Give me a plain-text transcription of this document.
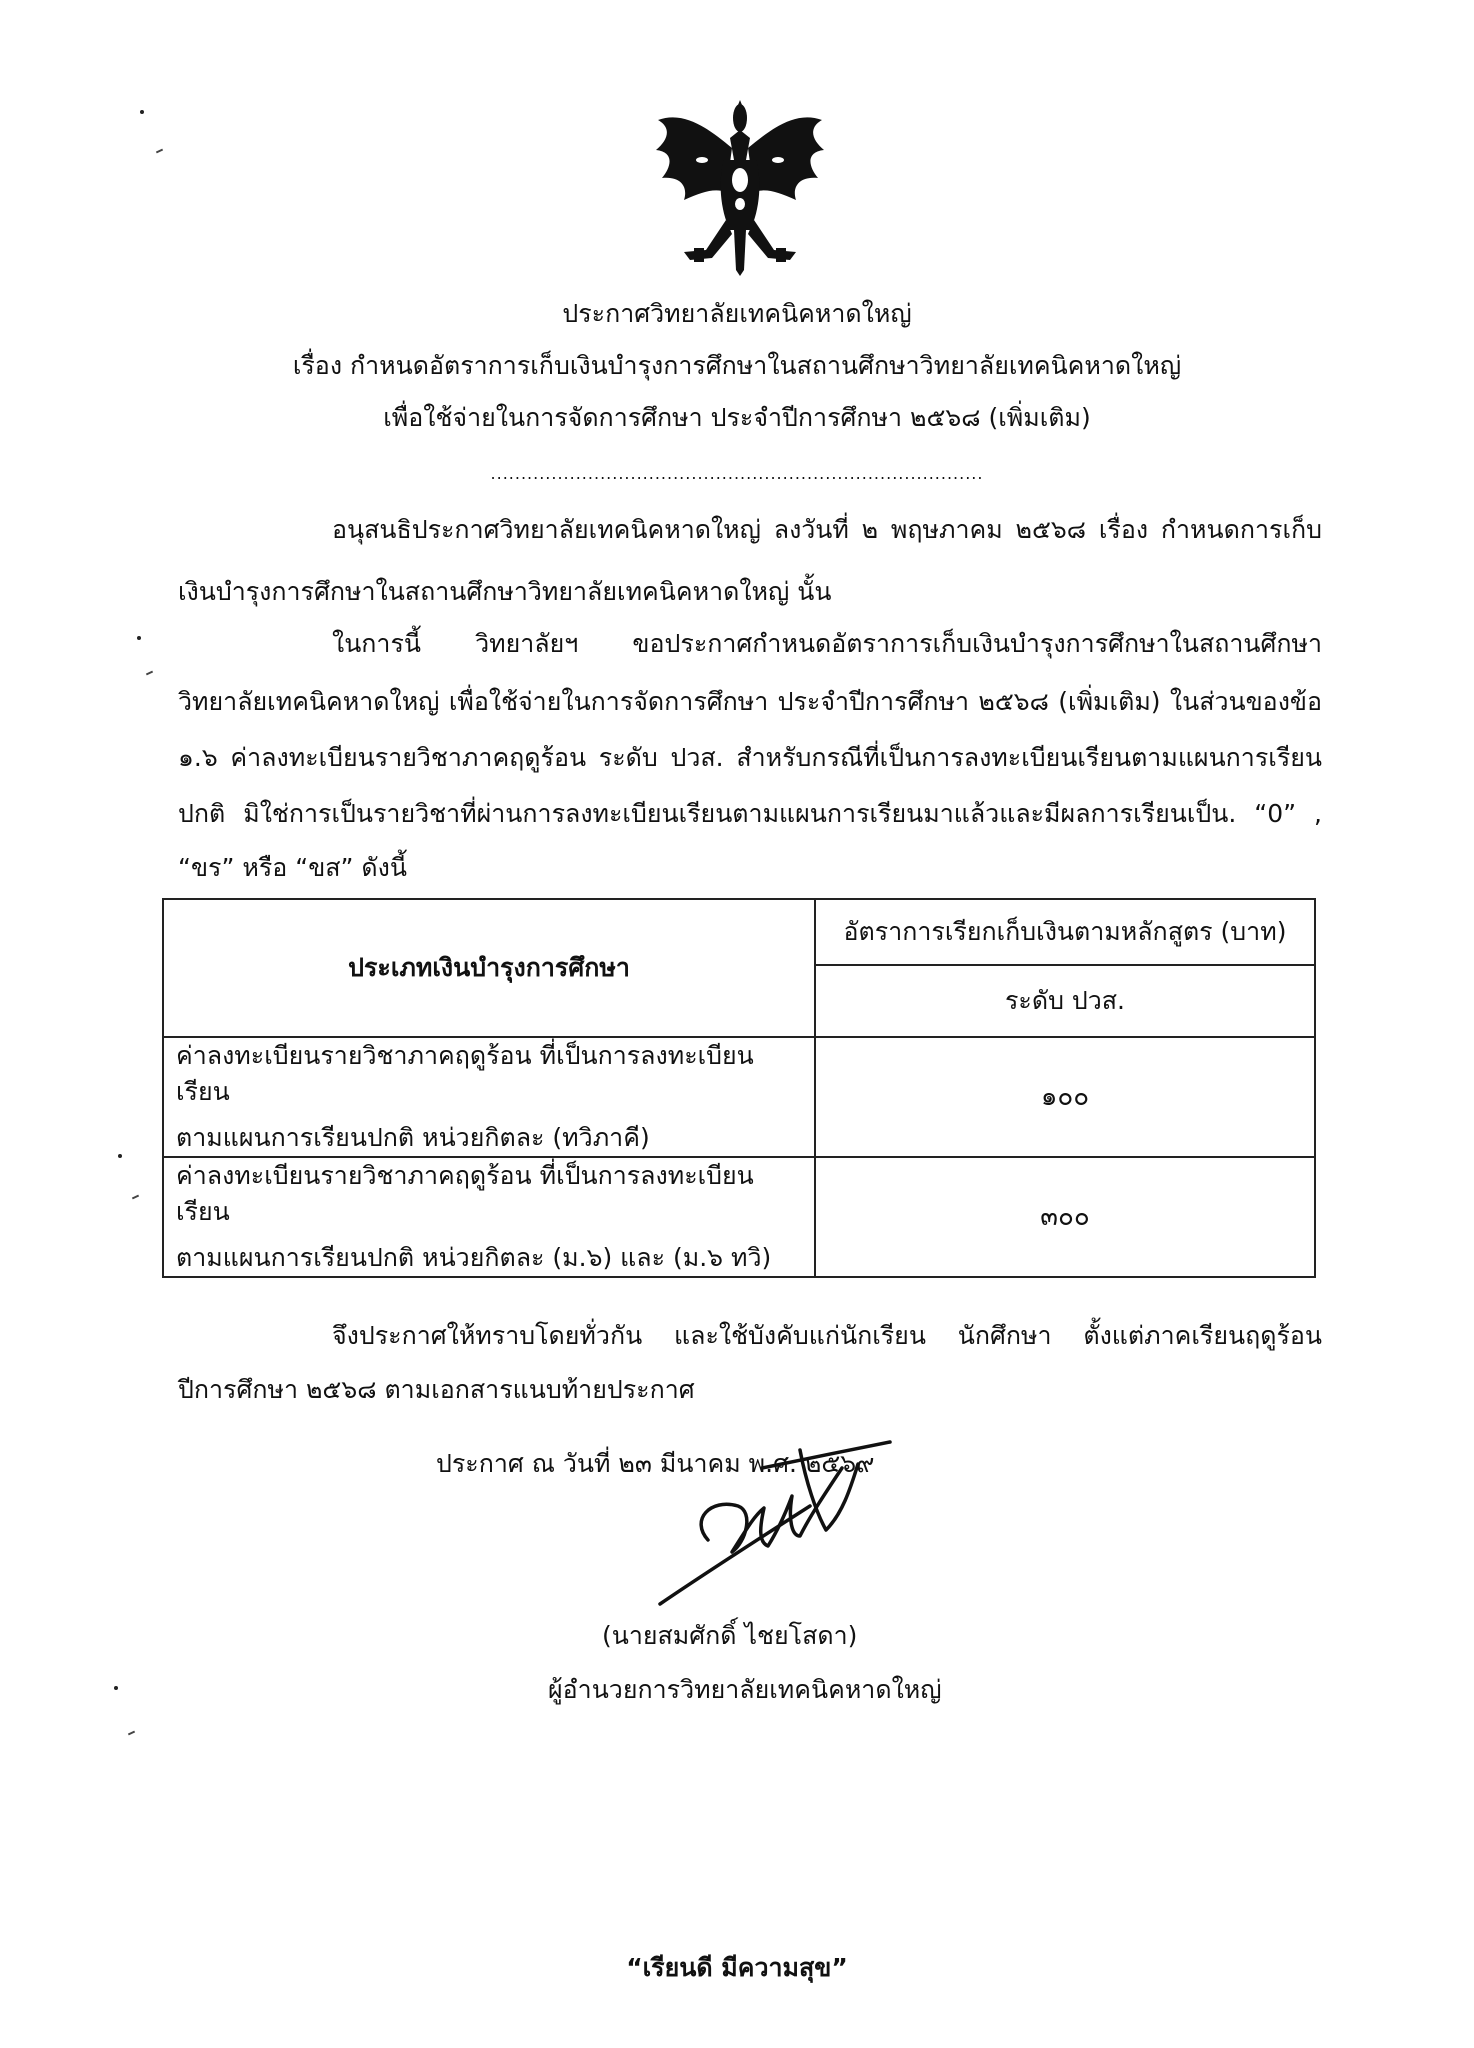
ประกาศวิทยาลัยเทคนิคหาดใหญ่
เรื่อง กำหนดอัตราการเก็บเงินบำรุงการศึกษาในสถานศึกษาวิทยาลัยเทคนิคหาดใหญ่
เพื่อใช้จ่ายในการจัดการศึกษา ประจำปีการศึกษา ๒๕๖๘ (เพิ่มเติม)
.................................................................................
อนุสนธิประกาศวิทยาลัยเทคนิคหาดใหญ่ ลงวันที่ ๒ พฤษภาคม ๒๕๖๘ เรื่อง กำหนดการเก็บ
เงินบำรุงการศึกษาในสถานศึกษาวิทยาลัยเทคนิคหาดใหญ่ นั้น
ในการนี้ วิทยาลัยฯ ขอประกาศกำหนดอัตราการเก็บเงินบำรุงการศึกษาในสถานศึกษา
วิทยาลัยเทคนิคหาดใหญ่ เพื่อใช้จ่ายในการจัดการศึกษา ประจำปีการศึกษา ๒๕๖๘ (เพิ่มเติม) ในส่วนของข้อ
๑.๖ ค่าลงทะเบียนรายวิชาภาคฤดูร้อน ระดับ ปวส. สำหรับกรณีที่เป็นการลงทะเบียนเรียนตามแผนการเรียน
ปกติ มิใช่การเป็นรายวิชาที่ผ่านการลงทะเบียนเรียนตามแผนการเรียนมาแล้วและมีผลการเรียนเป็น. “0” ,
“ขร” หรือ “ขส” ดังนี้
ประเภทเงินบำรุงการศึกษา	อัตราการเรียกเก็บเงินตามหลักสูตร (บาท)
	ระดับ ปวส.

ค่าลงทะเบียนรายวิชาภาคฤดูร้อน ที่เป็นการลงทะเบียนเรียน
ตามแผนการเรียนปกติ หน่วยกิตละ (ทวิภาคี)	๑๐๐

ค่าลงทะเบียนรายวิชาภาคฤดูร้อน ที่เป็นการลงทะเบียนเรียน
ตามแผนการเรียนปกติ หน่วยกิตละ (ม.๖) และ (ม.๖ ทวิ)	๓๐๐
จึงประกาศให้ทราบโดยทั่วกัน และใช้บังคับแก่นักเรียน นักศึกษา ตั้งแต่ภาคเรียนฤดูร้อน
ปีการศึกษา ๒๕๖๘ ตามเอกสารแนบท้ายประกาศ
ประกาศ ณ วันที่ ๒๓ มีนาคม พ.ศ. ๒๕๖๙
(นายสมศักดิ์ ไชยโสดา)
ผู้อำนวยการวิทยาลัยเทคนิคหาดใหญ่
“เรียนดี มีความสุข”
